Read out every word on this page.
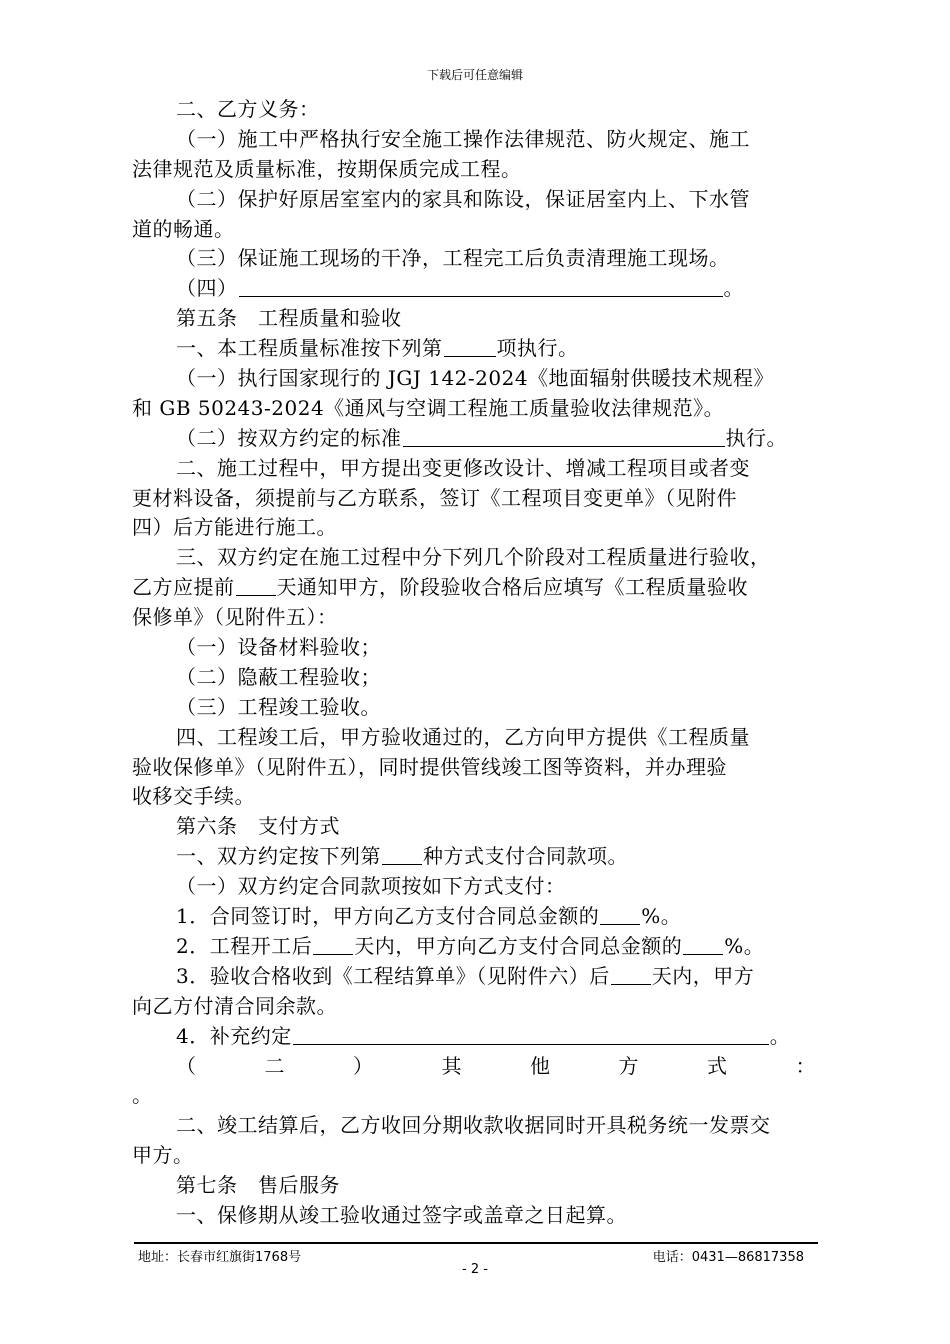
下载后可任意编辑
二、乙方义务：
（一）施工中严格执行安全施工操作法律规范、防火规定、施工
法律规范及质量标准，按期保质完成工程。
（二）保护好原居室室内的家具和陈设，保证居室内上、下水管
道的畅通。
（三）保证施工现场的干净，工程完工后负责清理施工现场。
（四）	。
第五条　工程质量和验收
一、本工程质量标准按下列第	项执行。
（一）执行国家现行的 JGJ 142-2024《地面辐射供暖技术规程》
和 GB 50243-2024《通风与空调工程施工质量验收法律规范》。
（二）按双方约定的标准	执行。
二、施工过程中，甲方提出变更修改设计、增减工程项目或者变
更材料设备，须提前与乙方联系，签订《工程项目变更单》（见附件
四）后方能进行施工。
三、双方约定在施工过程中分下列几个阶段对工程质量进行验收，
乙方应提前 天通知甲方，阶段验收合格后应填写《工程质量验收
保修单》（见附件五）：
（一）设备材料验收；
（二）隐蔽工程验收；
（三）工程竣工验收。
四、工程竣工后，甲方验收通过的，乙方向甲方提供《工程质量
验收保修单》（见附件五），同时提供管线竣工图等资料，并办理验
收移交手续。
第六条　支付方式
一、双方约定按下列第 种方式支付合同款项。
（一）双方约定合同款项按如下方式支付：
1．合同签订时，甲方向乙方支付合同总金额的 %。
2．工程开工后 天内，甲方向乙方支付合同总金额的 %。
3．验收合格收到《工程结算单》（见附件六）后 天内，甲方
向乙方付清合同余款。
4．补充约定	。
（	二	）	其	他	方	式	：
。
二、竣工结算后，乙方收回分期收款收据同时开具税务统一发票交
甲方。
第七条　售后服务
一、保修期从竣工验收通过签字或盖章之日起算。
地址：长春市红旗街1768号	电话：0431—86817358
- 2 -
